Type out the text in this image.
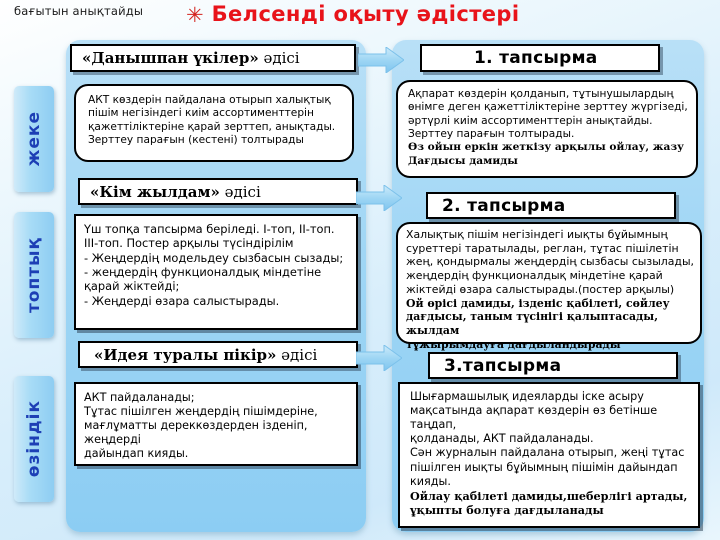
бағытын анықтайды ✳ Белсенді оқыту әдістері
жеке
топтық
өзіндік
«Данышпан үкілер» әдісі
«Кім жылдам» әдісі
«Идея туралы пікір» әдісі
1. тапсырма
2. тапсырма
3.тапсырма

АКТ көздерін пайдалана отырып халықтық

пішім негізіндегі киім ассортименттерін

қажеттіліктеріне қарай зерттеп, анықтады.

Зерттеу парағын (кестені) толтырады

Үш топқа тапсырма беріледі. I-топ, II-топ.

III-топ. Постер арқылы түсіндірілім

- Жеңдердің модельдеу сызбасын сызады;

- жеңдердің функционалдық міндетіне

қарай жіктейді;

- Жеңдерді өзара салыстырады.

АКТ пайдаланады;

Тұтас пішілген жеңдердің пішімдеріне,

мағлұматты дереккөздерден ізденіп, жеңдерді

дайындап кияды.

Ақпарат көздерін қолданып, тұтынушылардың

өнімге деген қажеттіліктеріне зерттеу жүргізеді,

әртүрлі киім ассортименттерін анықтайды.

Зерттеу парағын толтырады.

Өз ойын еркін жеткізу арқылы ойлау, жазу

Дағдысы дамиды

Халықтық пішім негізіндегі иықты бұйымның

суреттері таратылады, реглан, тұтас пішілетін

жең, қондырмалы жеңдердің сызбасы сызылады,

жеңдердің функционалдық міндетіне қарай

жіктейді өзара салыстырады.(постер арқылы)

Ой өрісі дамиды, ізденіс қабілеті, сөйлеу

дағдысы, таным түсінігі қалыптасады, жылдам

тұжырымдауға дағдыландырады

Шығармашылық идеяларды іске асыру

мақсатында ақпарат көздерін өз бетінше таңдап,

қолданады, АКТ пайдаланады.

Сән журналын пайдалана отырып, жеңі тұтас

пішілген иықты бұйымның пішімін дайындап

кияды.

Ойлау қабілеті дамиды,шеберлігі артады,

ұқыпты болуға дағдыланады
